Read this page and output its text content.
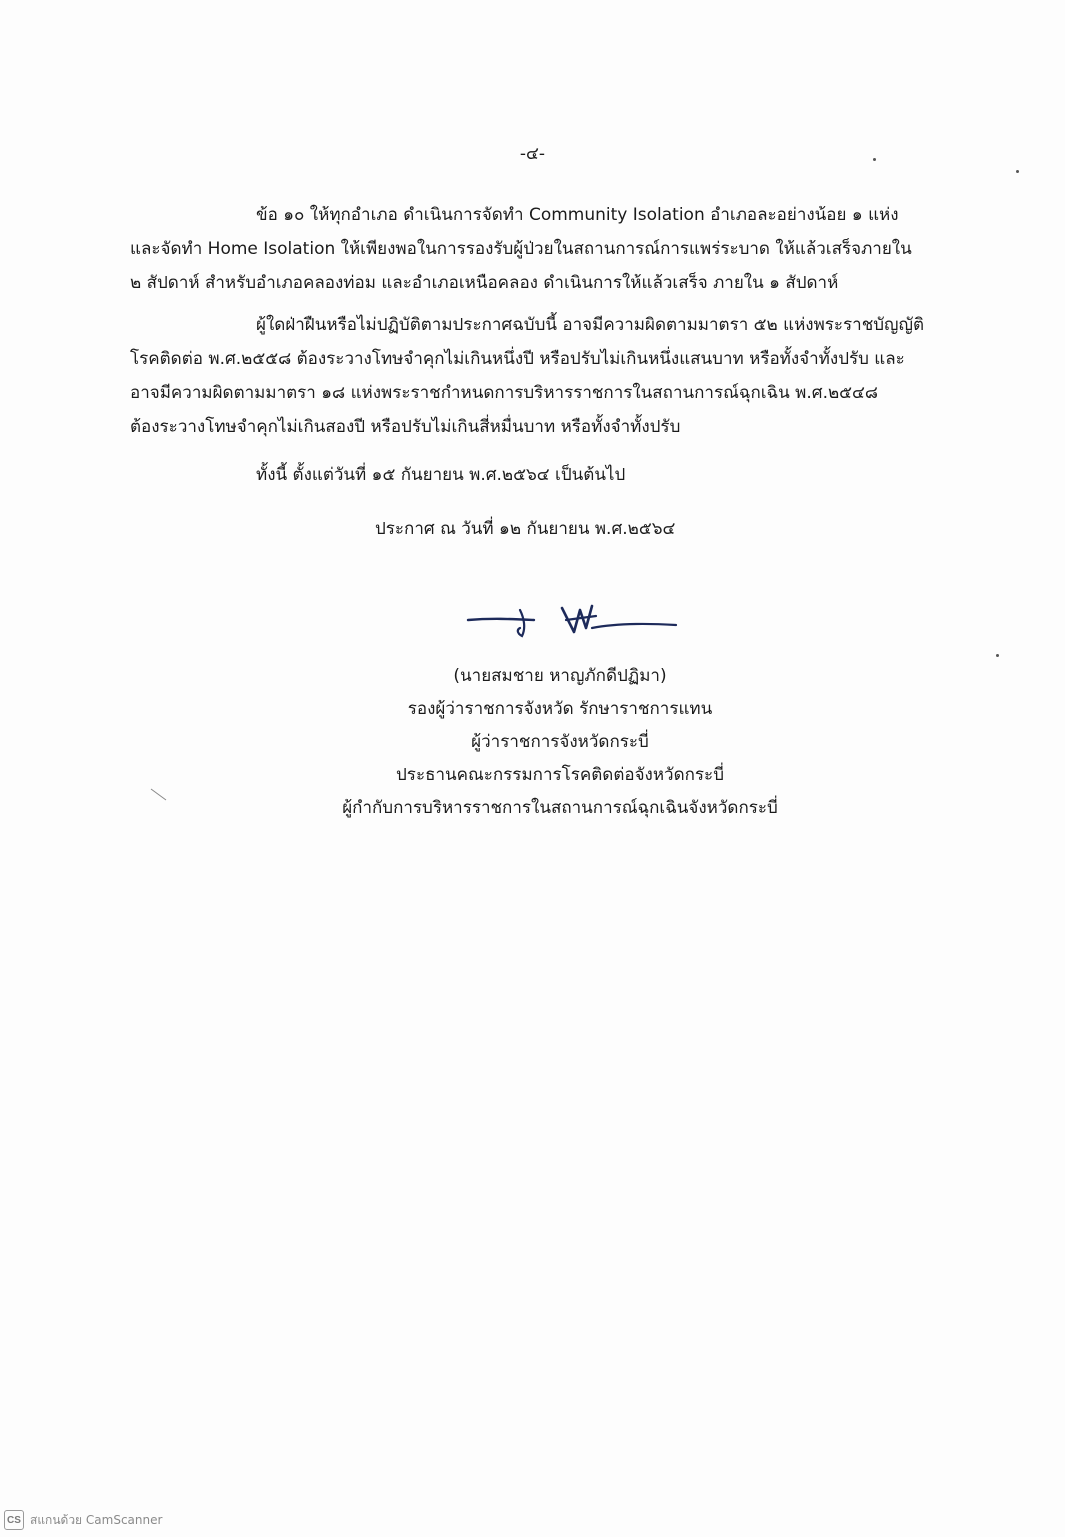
-๔-

ข้อ ๑๐ ให้ทุกอำเภอ ดำเนินการจัดทำ Community Isolation อำเภอละอย่างน้อย ๑ แห่ง
และจัดทำ Home Isolation ให้เพียงพอในการรองรับผู้ป่วยในสถานการณ์การแพร่ระบาด ให้แล้วเสร็จภายใน
๒ สัปดาห์ สำหรับอำเภอคลองท่อม และอำเภอเหนือคลอง ดำเนินการให้แล้วเสร็จ ภายใน ๑ สัปดาห์

ผู้ใดฝ่าฝืนหรือไม่ปฏิบัติตามประกาศฉบับนี้ อาจมีความผิดตามมาตรา ๕๒ แห่งพระราชบัญญัติ
โรคติดต่อ พ.ศ.๒๕๕๘ ต้องระวางโทษจำคุกไม่เกินหนึ่งปี หรือปรับไม่เกินหนึ่งแสนบาท หรือทั้งจำทั้งปรับ และ
อาจมีความผิดตามมาตรา ๑๘ แห่งพระราชกำหนดการบริหารราชการในสถานการณ์ฉุกเฉิน พ.ศ.๒๕๔๘
ต้องระวางโทษจำคุกไม่เกินสองปี หรือปรับไม่เกินสี่หมื่นบาท หรือทั้งจำทั้งปรับ

ทั้งนี้ ตั้งแต่วันที่ ๑๕ กันยายน พ.ศ.๒๕๖๔ เป็นต้นไป

ประกาศ ณ วันที่ ๑๒ กันยายน พ.ศ.๒๕๖๔
(นายสมชาย หาญภักดีปฏิมา)
รองผู้ว่าราชการจังหวัด รักษาราชการแทน
ผู้ว่าราชการจังหวัดกระบี่
ประธานคณะกรรมการโรคติดต่อจังหวัดกระบี่
ผู้กำกับการบริหารราชการในสถานการณ์ฉุกเฉินจังหวัดกระบี่
CS สแกนด้วย CamScanner
